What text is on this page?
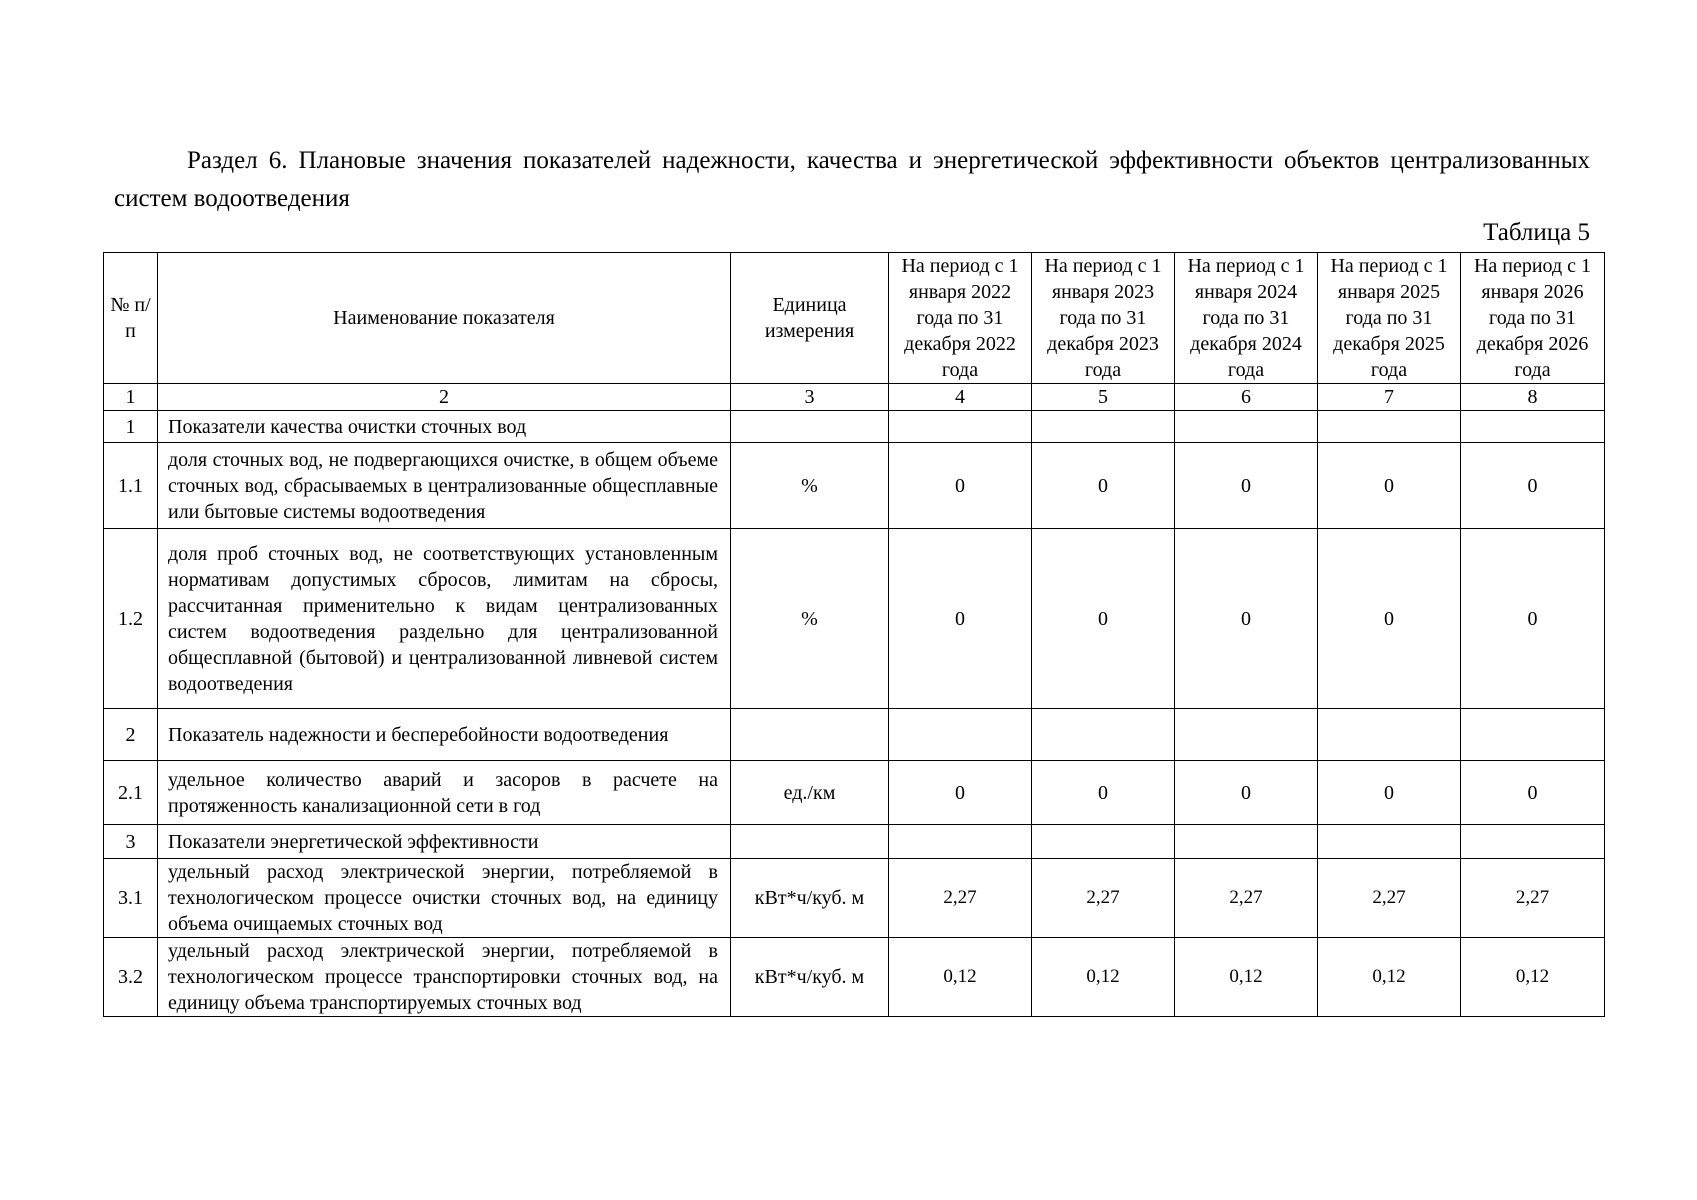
Раздел 6. Плановые значения показателей надежности, качества и энергетической эффективности объектов централизованных систем водоотведения

Таблица 5

№ п/п	Наименование показателя	Единица измерения	На период с 1 января 2022 года по 31 декабря 2022 года	На период с 1 января 2023 года по 31 декабря 2023 года	На период с 1 января 2024 года по 31 декабря 2024 года	На период с 1 января 2025 года по 31 декабря 2025 года	На период с 1 января 2026 года по 31 декабря 2026 года
1	2	3	4	5	6	7	8
1	Показатели качества очистки сточных вод						
1.1	доля сточных вод, не подвергающихся очистке, в общем объеме сточных вод, сбрасываемых в централизованные общесплавные или бытовые системы водоотведения	%	0	0	0	0	0
1.2	доля проб сточных вод, не соответствующих установленным нормативам допустимых сбросов, лимитам на сбросы, рассчитанная применительно к видам централизованных систем водоотведения раздельно для централизованной общесплавной (бытовой) и централизованной ливневой систем водоотведения	%	0	0	0	0	0
2	Показатель надежности и бесперебойности водоотведения						
2.1	удельное количество аварий и засоров в расчете на протяженность канализационной сети в год	ед./км	0	0	0	0	0
3	Показатели энергетической эффективности						
3.1	удельный расход электрической энергии, потребляемой в технологическом процессе очистки сточных вод, на единицу объема очищаемых сточных вод	кВт*ч/куб. м	2,27	2,27	2,27	2,27	2,27
3.2	удельный расход электрической энергии, потребляемой в технологическом процессе транспортировки сточных вод, на единицу объема транспортируемых сточных вод	кВт*ч/куб. м	0,12	0,12	0,12	0,12	0,12
